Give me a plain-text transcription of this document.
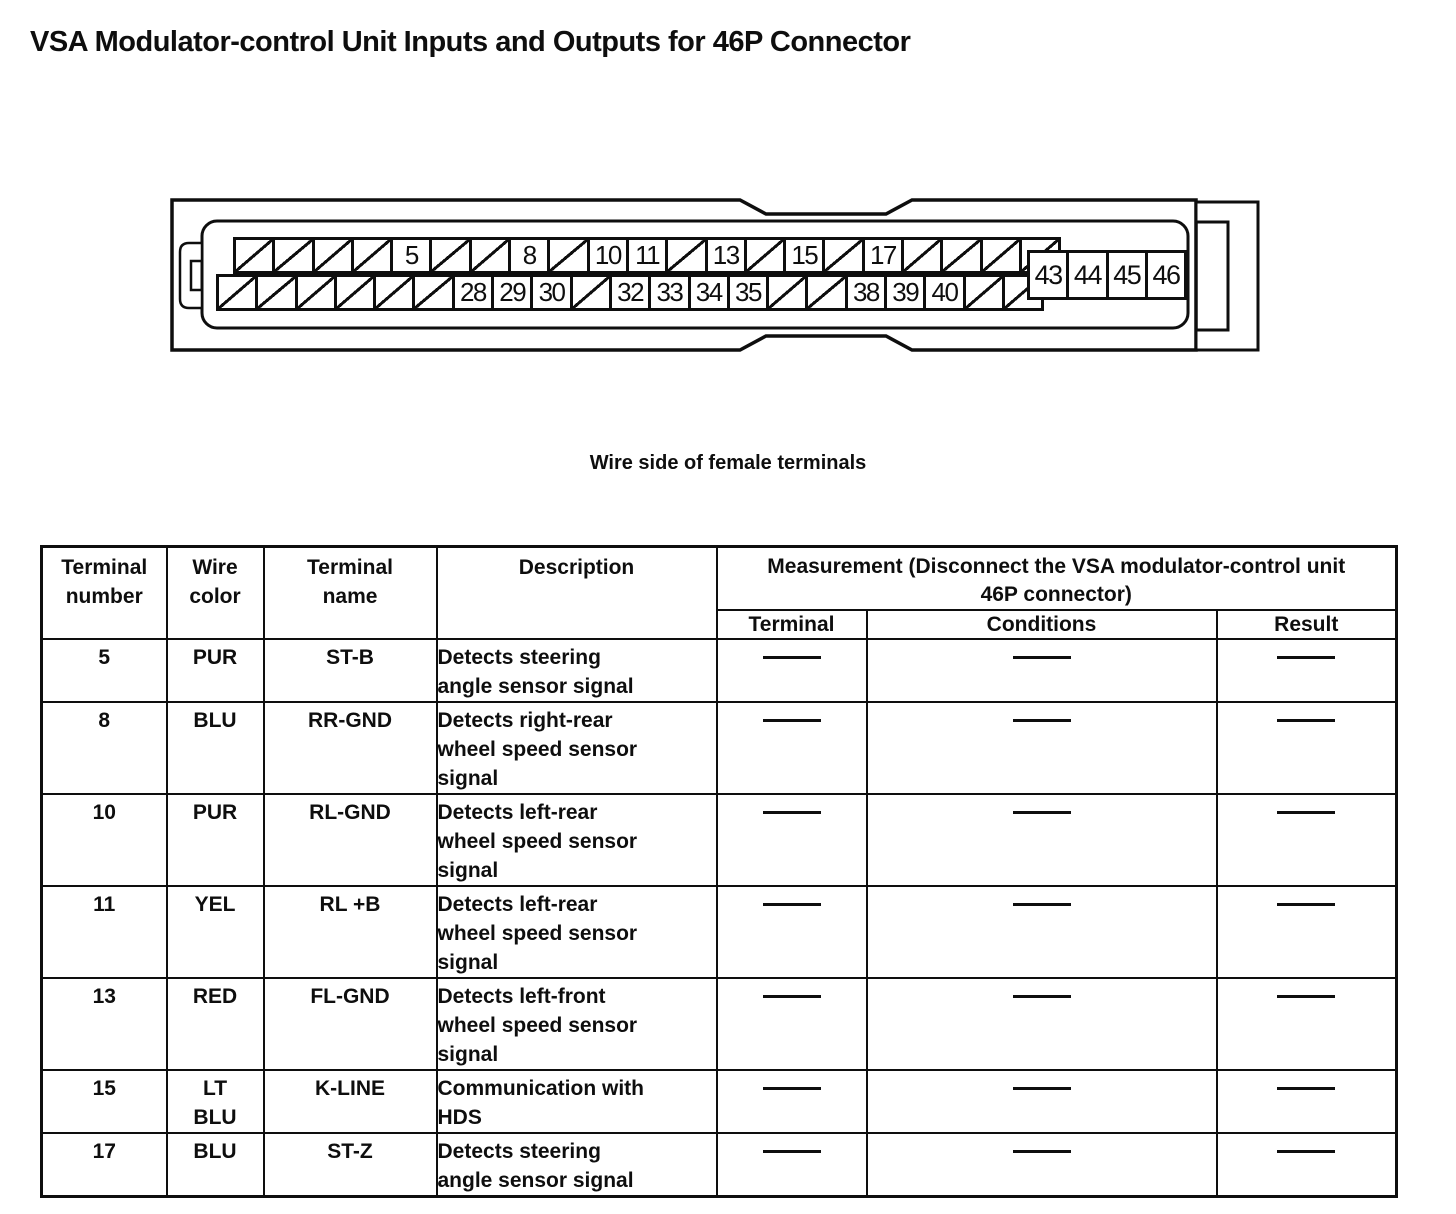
VSA Modulator-control Unit Inputs and Outputs for 46P Connector
5	8	10 11	13	15	17
28 29 30	32 33 34 35	38 39 40
43 44 45 46
Wire side of female terminals
Terminal number	Wire color	Terminal name	Description	Measurement (Disconnect the VSA modulator-control unit 46P connector)		
				Terminal	Conditions	Result
5	PUR	ST-B	Detects steering angle sensor signal	

8	BLU	RR-GND	Detects right-rear wheel speed sensor signal	

10	PUR	RL-GND	Detects left-rear wheel speed sensor signal	

11	YEL	RL +B	Detects left-rear wheel speed sensor signal	

13	RED	FL-GND	Detects left-front wheel speed sensor signal	

15	LT BLU	K-LINE	Communication with HDS	

17	BLU	ST-Z	Detects steering angle sensor signal	
